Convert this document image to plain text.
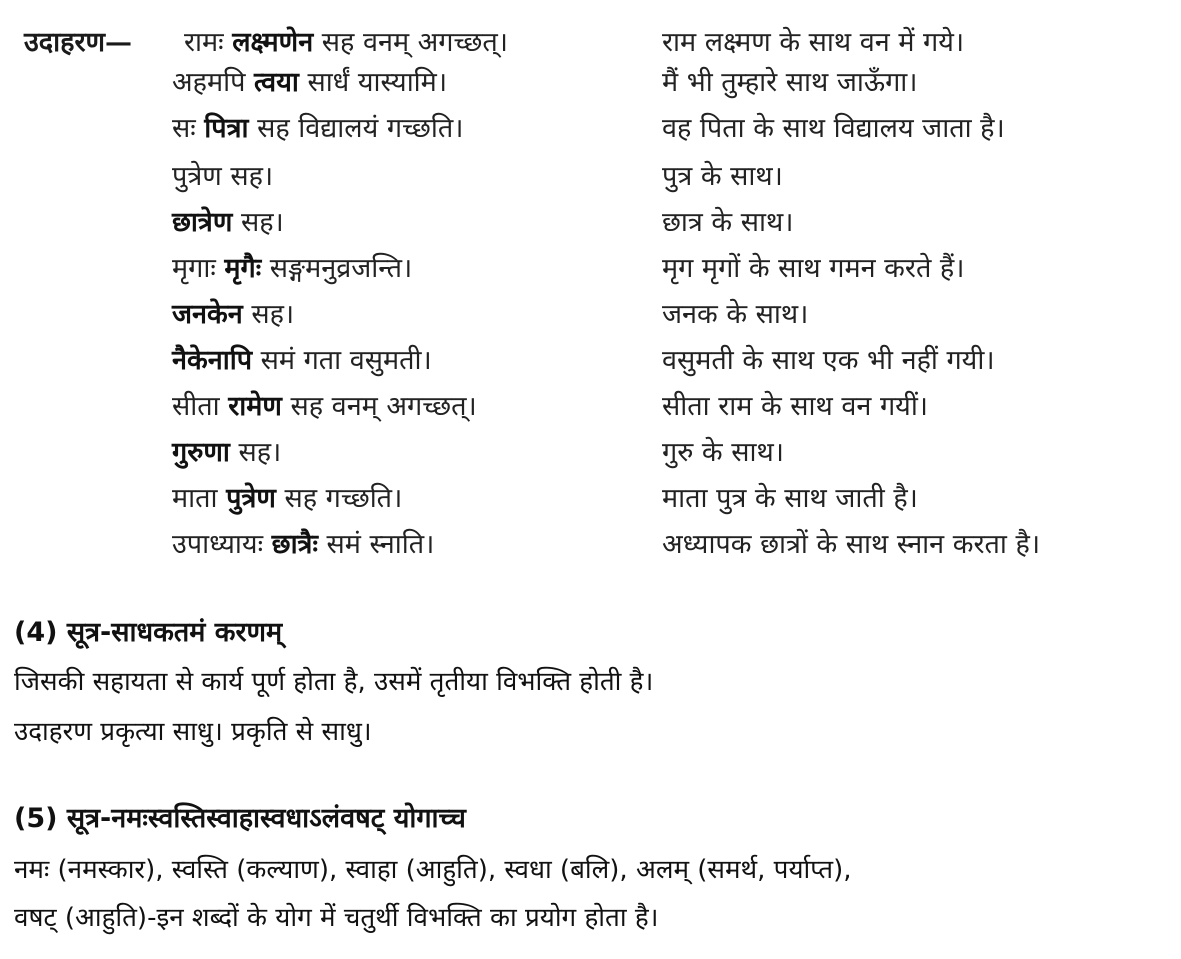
उदाहरण— रामः लक्ष्मणेन सह वनम् अगच्छत्।	राम लक्ष्मण के साथ वन में गये।
अहमपि त्वया सार्धं यास्यामि।	मैं भी तुम्हारे साथ जाऊँगा।
सः पित्रा सह विद्यालयं गच्छति।	वह पिता के साथ विद्यालय जाता है।
पुत्रेण सह।	पुत्र के साथ।
छात्रेण सह।	छात्र के साथ।
मृगाः मृगैः सङ्गमनुव्रजन्ति।	मृग मृगों के साथ गमन करते हैं।
जनकेन सह।	जनक के साथ।
नैकेनापि समं गता वसुमती।	वसुमती के साथ एक भी नहीं गयी।
सीता रामेण सह वनम् अगच्छत्।	सीता राम के साथ वन गयीं।
गुरुणा सह।	गुरु के साथ।
माता पुत्रेण सह गच्छति।	माता पुत्र के साथ जाती है।
उपाध्यायः छात्रैः समं स्नाति।	अध्यापक छात्रों के साथ स्नान करता है।
(4) सूत्र-साधकतमं करणम्
जिसकी सहायता से कार्य पूर्ण होता है, उसमें तृतीया विभक्ति होती है।
उदाहरण प्रकृत्या साधु। प्रकृति से साधु।
(5) सूत्र-नमःस्वस्तिस्वाहास्वधाऽलंवषट् योगाच्च
नमः (नमस्कार), स्वस्ति (कल्याण), स्वाहा (आहुति), स्वधा (बलि), अलम् (समर्थ, पर्याप्त),
वषट् (आहुति)-इन शब्दों के योग में चतुर्थी विभक्ति का प्रयोग होता है।
